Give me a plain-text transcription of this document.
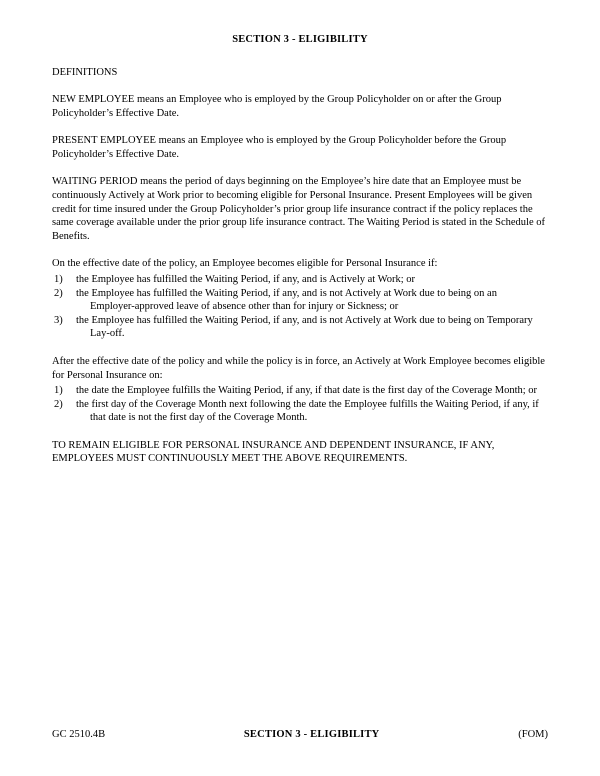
SECTION 3 - ELIGIBILITY
DEFINITIONS

NEW EMPLOYEE means an Employee who is employed by the Group Policyholder on or after the Group Policyholder’s Effective Date.

PRESENT EMPLOYEE means an Employee who is employed by the Group Policyholder before the Group Policyholder’s Effective Date.

WAITING PERIOD means the period of days beginning on the Employee’s hire date that an Employee must be continuously Actively at Work prior to becoming eligible for Personal Insurance. Present Employees will be given credit for time insured under the Group Policyholder’s prior group life insurance contract if the policy replaces the same coverage available under the prior group life insurance contract. The Waiting Period is stated in the Schedule of Benefits.

On the effective date of the policy, an Employee becomes eligible for Personal Insurance if:

1)	the Employee has fulfilled the Waiting Period, if any, and is Actively at Work; or
2)	the Employee has fulfilled the Waiting Period, if any, and is not Actively at Work due to being on an
Employer-approved leave of absence other than for injury or Sickness; or
3)	the Employee has fulfilled the Waiting Period, if any, and is not Actively at Work due to being on Temporary
Lay-off.

After the effective date of the policy and while the policy is in force, an Actively at Work Employee becomes eligible for Personal Insurance on:

1)	the date the Employee fulfills the Waiting Period, if any, if that date is the first day of the Coverage Month; or
2)	the first day of the Coverage Month next following the date the Employee fulfills the Waiting Period, if any, if
that date is not the first day of the Coverage Month.
TO REMAIN ELIGIBLE FOR PERSONAL INSURANCE AND DEPENDENT INSURANCE, IF ANY,
EMPLOYEES MUST CONTINUOUSLY MEET THE ABOVE REQUIREMENTS.
GC 2510.4B	SECTION 3 - ELIGIBILITY	(FOM)
